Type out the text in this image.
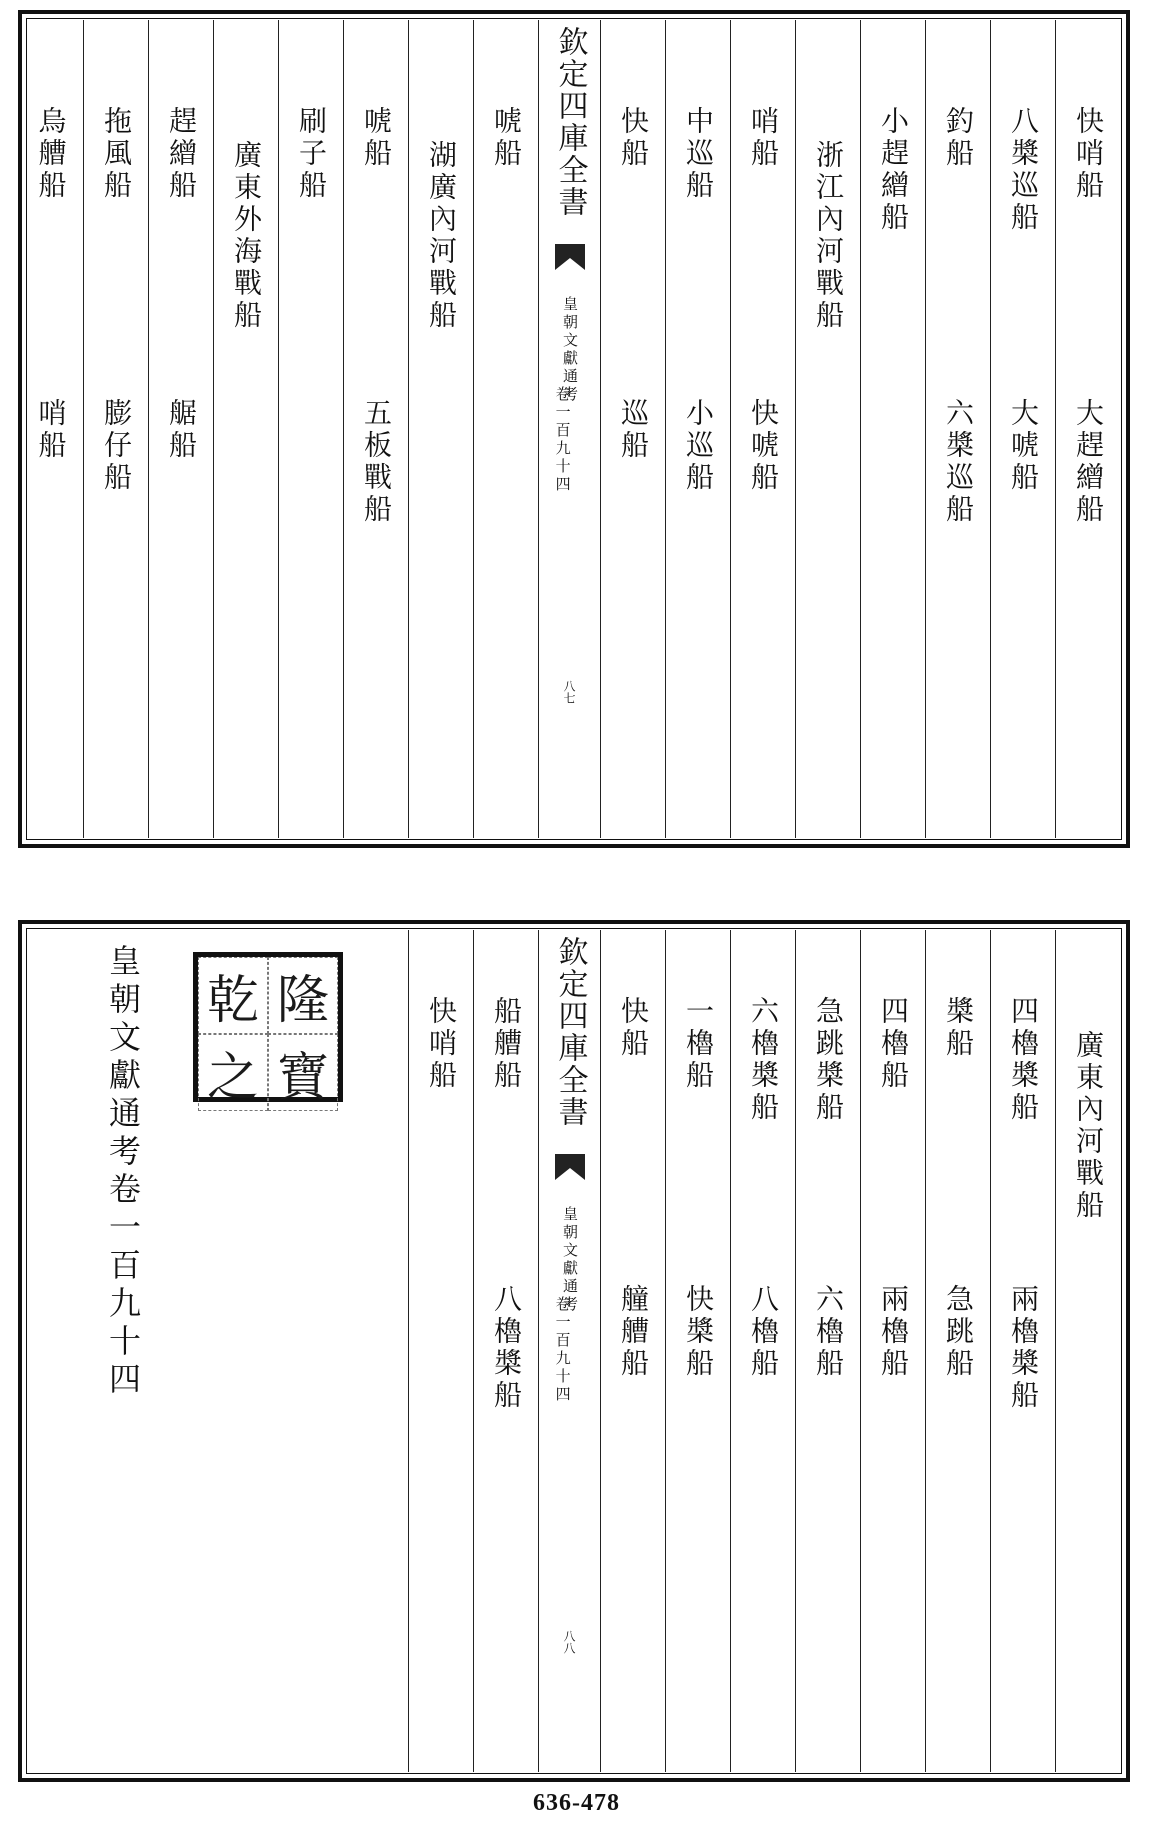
快哨船
大趕繒船
八槳巡船
大唬船
釣船
六槳巡船
小趕繒船
浙江內河戰船
哨船
快唬船
中巡船
小巡船
快船
巡船
欽定四庫全書
皇朝文獻通考
卷一百九十四
八七
唬船
湖廣內河戰船
唬船
五板戰船
刷子船
廣東外海戰船
趕繒船
艍船
拖風船
膨仔船
烏艚船
哨船
廣東內河戰船
四櫓槳船
兩櫓槳船
槳船
急跳船
四櫓船
兩櫓船
急跳槳船
六櫓船
六櫓槳船
八櫓船
一櫓船
快槳船
快船
艟艚船
欽定四庫全書
皇朝文獻通考
卷一百九十四
八八
船艚船
八櫓槳船
快哨船
乾 隆
之 寶
皇朝文獻通考卷一百九十四
636-478
